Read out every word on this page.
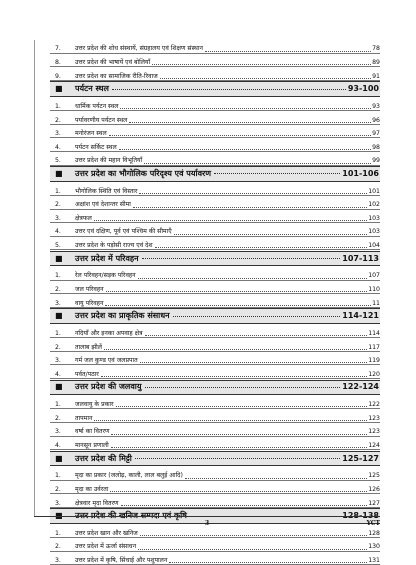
7.	उत्तर प्रदेश की शोध संस्थायें, संग्रहालय एवं शिक्षण संस्थान	78
8.	उत्तर प्रदेश की भाषायें एवं बोलियाँ	89
9.	उत्तर प्रदेश का सामाजिक रीति-रिवाज	91
■	पर्यटन स्थल	93-100
1.	धार्मिक पर्यटन स्थल	93
2.	पर्यावरणीय पर्यटन स्थल	96
3.	मनोरंजन स्थल	97
4.	पर्यटन सर्किट स्थल	98
5.	उत्तर प्रदेश की महान विभूतियाँ	99
■	उत्तर प्रदेश का भौगोलिक परिदृश्य एवं पर्यावरण	101-106
1.	भौगोलिक स्थिति एवं विस्तार	101
2.	अक्षांश एवं देशान्तर सीमा	102
3.	क्षेत्रफल	103
4.	उत्तर एवं दक्षिण, पूर्व एवं पश्चिम की सीमाएँ	103
5.	उत्तर प्रदेश के पड़ोसी राज्य एवं देश	104
■	उत्तर प्रदेश में परिवहन	107-113
1.	रेल परिवहन/सड़क परिवहन	107
2.	जल परिवहन	110
3.	वायु परिवहन	11
■	उत्तर प्रदेश का प्राकृतिक संसाधन	114-121
1.	नदियाँ और इनका अपवाह क्षेत्र	114
2.	तालाब झीलें	117
3.	गर्म जल कुण्ड एवं जलप्रपात	119
4.	पर्वत/पठार	120
■	उत्तर प्रदेश की जलवायु	122-124
1.	जलवायु के प्रकार	122
2.	तापमान	123
3.	वर्षा का वितरण	123
4.	मानसून प्रणाली	124
■	उत्तर प्रदेश की मिट्टी	125-127
1.	मृदा का प्रकार (जलोढ़, काली, लाल बलुई आदि)	125
2.	मृदा का उर्वरता	126
3.	क्षेत्रवार मृदा वितरण	127
■	उत्तर प्रदेश की खनिज सम्पदा एवं कृषि	128-138
1.	उत्तर प्रदेश खान और खनिज	128
2.	उत्तर प्रदेश में ऊर्जा संसाधन	130
3.	उत्तर प्रदेश में कृषि, सिंचाई और पशुपालन	131
3	YCT
